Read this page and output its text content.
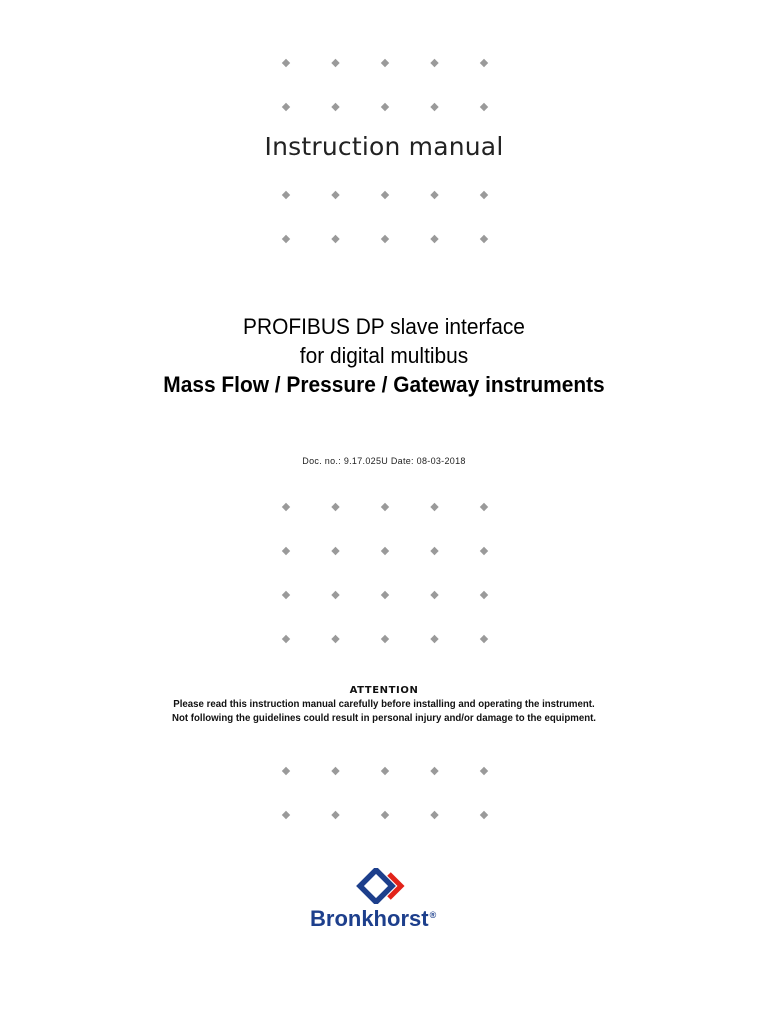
Instruction manual
PROFIBUS DP slave interface
for digital multibus
Mass Flow / Pressure / Gateway instruments
Doc. no.: 9.17.025U Date: 08-03-2018
ATTENTION
Please read this instruction manual carefully before installing and operating the instrument.
Not following the guidelines could result in personal injury and/or damage to the equipment.
Bronkhorst®
